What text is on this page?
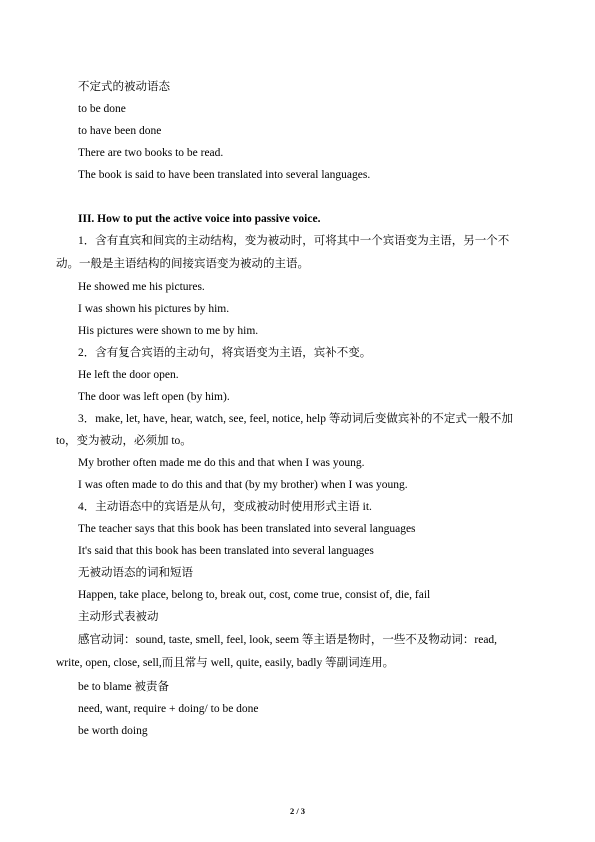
不定式的被动语态
to be done
to have been done
There are two books to be read.
The book is said to have been translated into several languages.
III. How to put the active voice into passive voice.
1．含有直宾和间宾的主动结构，变为被动时，可将其中一个宾语变为主语，另一个不
动。一般是主语结构的间接宾语变为被动的主语。
He showed me his pictures.
I was shown his pictures by him.
His pictures were shown to me by him.
2．含有复合宾语的主动句，将宾语变为主语，宾补不变。
He left the door open.
The door was left open (by him).
3．make, let, have, hear, watch, see, feel, notice, help 等动词后变做宾补的不定式一般不加
to，变为被动，必须加 to。
My brother often made me do this and that when I was young.
I was often made to do this and that (by my brother) when I was young.
4．主动语态中的宾语是从句，变成被动时使用形式主语 it.
The teacher says that this book has been translated into several languages
It's said that this book has been translated into several languages
无被动语态的词和短语
Happen, take place, belong to, break out, cost, come true, consist of, die, fail
主动形式表被动
感官动词：sound, taste, smell, feel, look, seem 等主语是物时，一些不及物动词：read,
write, open, close, sell,而且常与 well, quite, easily, badly 等副词连用。
be to blame 被责备
need, want, require + doing/ to be done
be worth doing
2 / 3
